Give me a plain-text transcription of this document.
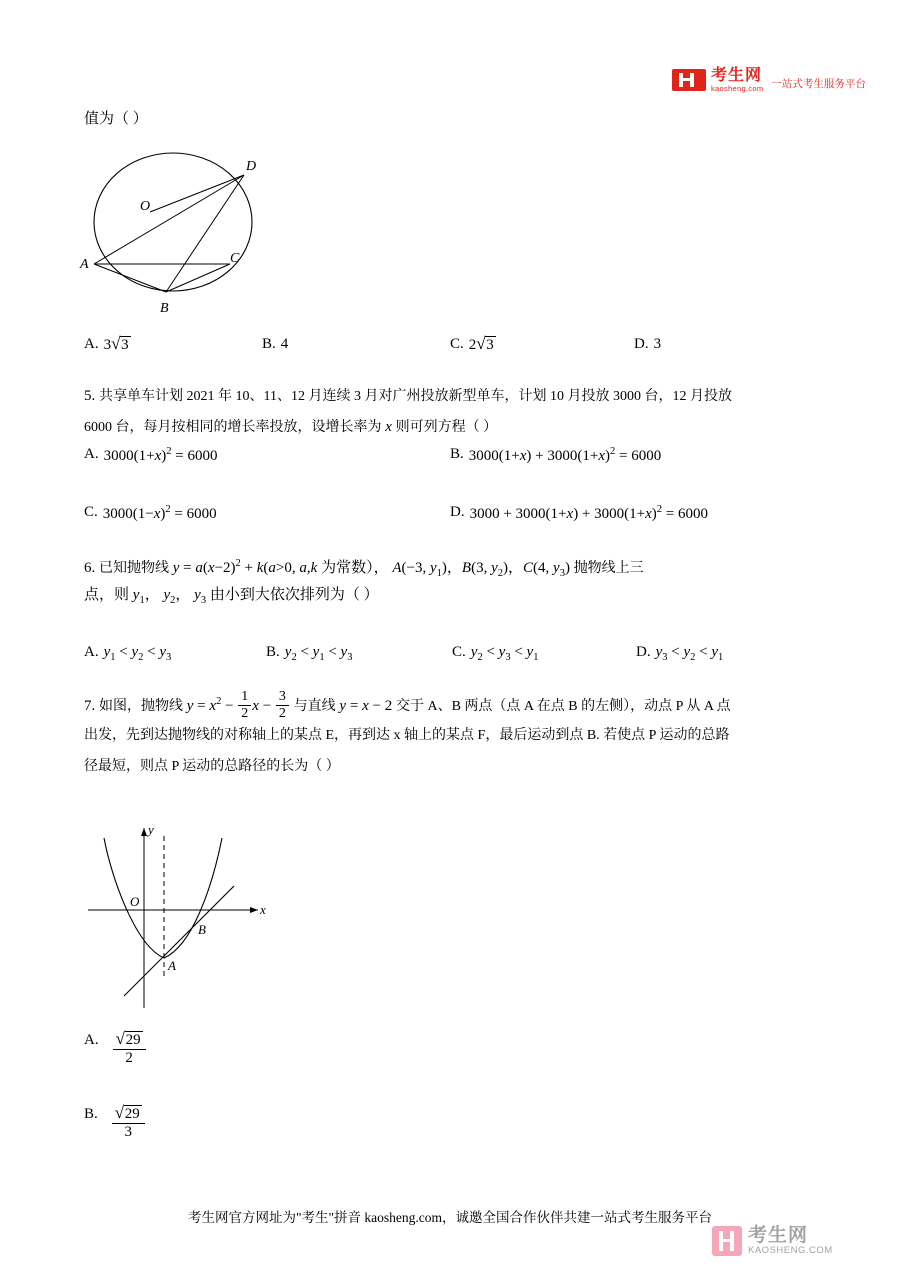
考生网
kaosheng.com 一站式考生服务平台
值为（ ）
D
O
A	C
B
A. 3 √ 3	B. 4	C. 2 √ 3	D. 3
5. 共享单车计划 2021 年 10、11、12 月连续 3 月对广州投放新型单车，计划 10 月投放 3000 台，12 月投放
6000 台，每月按相同的增长率投放，设增长率为 x 则可列方程（ ）
A. $3000(1+x)^2 = 6000$	B. $3000(1+x) + 3000(1+x)^2 = 6000$
C. $3000(1-x)^2 = 6000$	D. $3000 + 3000(1+x) + 3000(1+x)^2 = 6000$
6. 已知抛物线 $y = a(x-2)^2 + k(a>0$, a,k 为常数）， A(−3, $y_1$)，B(3, $y_2$)，C(4, $y_3$) 抛物线上三
点，则 $y_1$， $y_2$， $y_3$ 由小到大依次排列为（ ）
A. $y_1 < y_2 < y_3$	B. $y_2 < y_1 < y_3$	C. $y_2 < y_3 < y_1$	D. $y_3 < y_2 < y_1$
7. 如图，抛物线 $y = x^2 - \frac{1}{2}$ $x - \frac{3}{2}$ 与直线 y = x − 2 交于 A、B 两点（点 A 在点 B 的左侧），动点 P 从 A 点
出发，先到达抛物线的对称轴上的某点 E，再到达 x 轴上的某点 F，最后运动到点 B. 若使点 P 运动的总路
径最短，则点 P 运动的总路径的长为（ ）
y
x
O
A
B
A. $\frac{√ 29}{2}$
B. $\frac{√ 29}{3}$
考生网官方网址为"考生"拼音 kaosheng.com，诚邀全国合作伙伴共建一站式考生服务平台
考生网
KAOSHENG.COM
